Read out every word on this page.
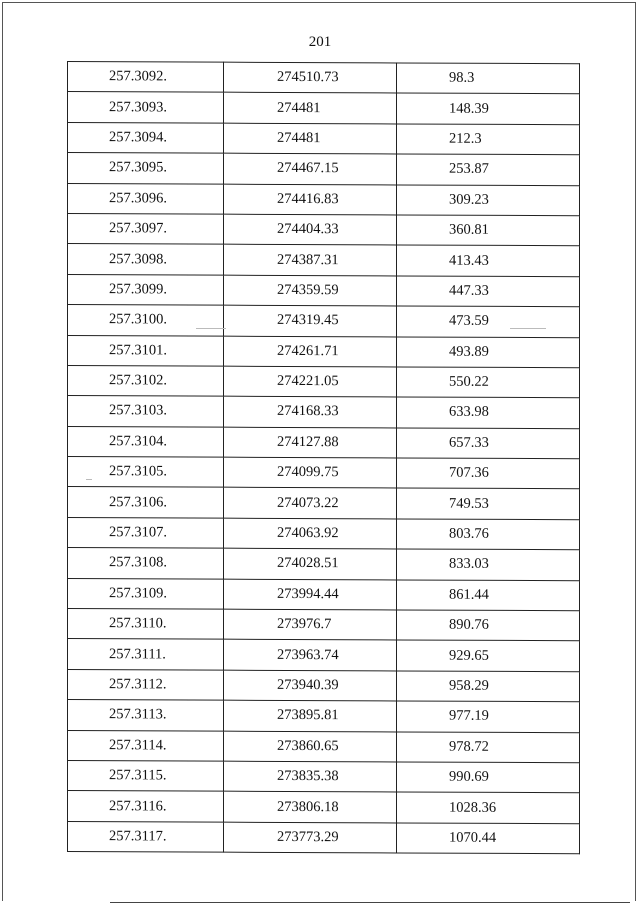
201
257.3092.	274510.73	98.3
257.3093.	274481	148.39
257.3094.	274481	212.3
257.3095.	274467.15	253.87
257.3096.	274416.83	309.23
257.3097.	274404.33	360.81
257.3098.	274387.31	413.43
257.3099.	274359.59	447.33
257.3100.	274319.45	473.59
257.3101.	274261.71	493.89
257.3102.	274221.05	550.22
257.3103.	274168.33	633.98
257.3104.	274127.88	657.33
257.3105.	274099.75	707.36
257.3106.	274073.22	749.53
257.3107.	274063.92	803.76
257.3108.	274028.51	833.03
257.3109.	273994.44	861.44
257.3110.	273976.7	890.76
257.3111.	273963.74	929.65
257.3112.	273940.39	958.29
257.3113.	273895.81	977.19
257.3114.	273860.65	978.72
257.3115.	273835.38	990.69
257.3116.	273806.18	1028.36
257.3117.	273773.29	1070.44
